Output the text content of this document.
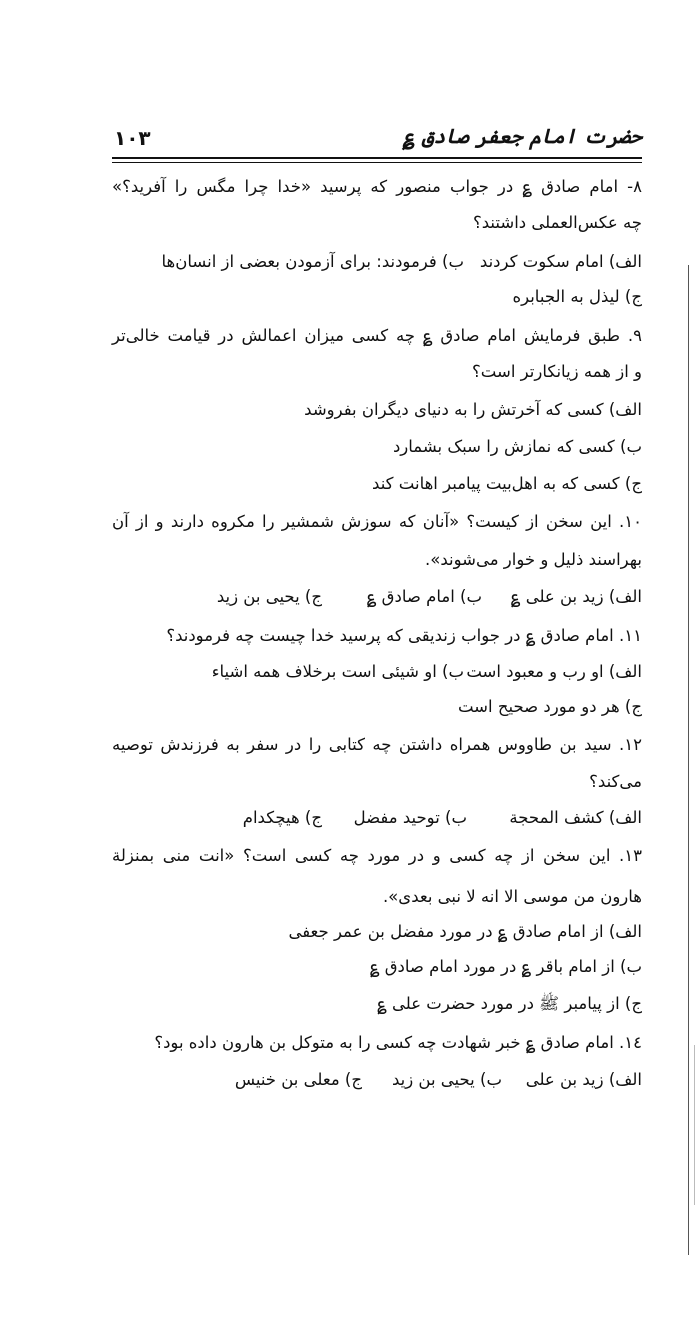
حضرت امام جعفر صادق ؏
۱۰۳
۸- امام صادق ؏ در جواب منصور که پرسید «خدا چرا مگس را آفرید؟»
چه عکس‌العملی داشتند؟
الف) امام سکوت کردند
ب) فرمودند: برای آزمودن بعضی از انسان‌ها
ج) لیذل به الجبابره
۹. طبق فرمایش امام صادق ؏ چه کسی میزان اعمالش در قیامت خالی‌تر
و از همه زیانکارتر است؟
الف) کسی که آخرتش را به دنیای دیگران بفروشد
ب) کسی که نمازش را سبک بشمارد
ج) کسی که به اهل‌بیت پیامبر اهانت کند
۱۰. این سخن از کیست؟ «آنان که سوزش شمشیر را مکروه دارند و از آن
بهراسند ذلیل و خوار می‌شوند».
الف) زید بن علی ؏
ب) امام صادق ؏
ج) یحیی بن زید
۱۱. امام صادق ؏ در جواب زندیقی که پرسید خدا چیست چه فرمودند؟
الف) او رب و معبود است
ب) او شیئی است برخلاف همه اشیاء
ج) هر دو مورد صحیح است
۱۲. سید بن طاووس همراه داشتن چه کتابی را در سفر به فرزندش توصیه
می‌کند؟
الف) کشف المحجة
ب) توحید مفضل
ج) هیچکدام
۱۳. این سخن از چه کسی و در مورد چه کسی است؟ «انت منی بمنزلة
هارون من موسی الا انه لا نبی بعدی».
الف) از امام صادق ؏ در مورد مفضل بن عمر جعفی
ب) از امام باقر ؏ در مورد امام صادق ؏
ج) از پیامبر ﷺ در مورد حضرت علی ؏
۱٤. امام صادق ؏ خبر شهادت چه کسی را به متوکل بن هارون داده بود؟
الف) زید بن علی
ب) یحیی بن زید
ج) معلی بن خنیس
